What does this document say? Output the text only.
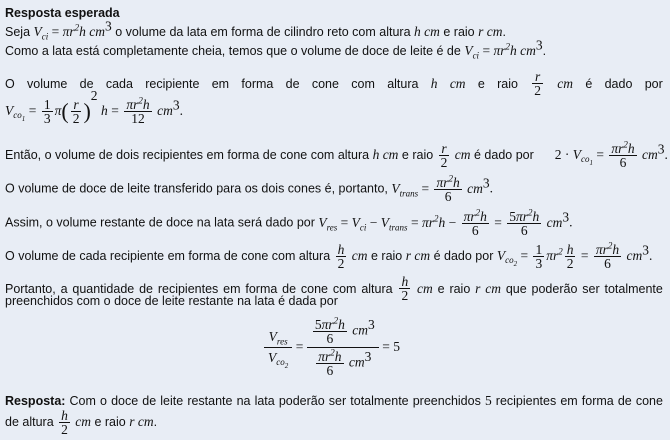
Resposta esperada
Seja $V_{ci} = \pi r^2h$ $cm^3$ o volume da lata em forma de cilindro reto com altura h cm e raio r cm.
Como a lata está completamente cheia, temos que o volume de doce de leite é de $V_{ci} = \pi r^2h$ $cm^3$.
O volume de cada recipiente em forma de cone com altura h cm e raio $\frac{r}{2}$ cm é dado por
$V_{co_1} = \frac{1}{3} \pi( \frac{r}{2} )^2$ $h = \frac{\pi r^2h}{12} cm^3$.
Então, o volume de dois recipientes em forma de cone com altura h cm e raio $\frac{r}{2}$ cm é dado por $2 \cdot V_{co_1} = \frac{\pi r^2h}{6} cm^3$.
O volume de doce de leite transferido para os dois cones é, portanto, $V_{trans} = \frac{\pi r^2h}{6} cm^3$.
Assim, o volume restante de doce na lata será dado por $V_{res} = V_{ci} - V_{trans} = \pi r^2h - \frac{\pi r^2h}{6} = \frac{5\pi r^2h}{6} cm^3$.
O volume de cada recipiente em forma de cone com altura $\frac{h}{2}$ cm e raio r cm é dado por $V_{co_2} = \frac{1}{3} \pi r^2 \frac{h}{2} = \frac{\pi r^2h}{6} cm^3$.
Portanto, a quantidade de recipientes em forma de cone com altura $\frac{h}{2}$ cm e raio r cm que poderão ser totalmente
preenchidos com o doce de leite restante na lata é dada por
$\frac{V_{res}}{V_{co_2}} = \frac{\frac{5\pi r^2h}{6} cm^3}{\frac{\pi r^2h}{6} cm^3} = 5$
Resposta: Com o doce de leite restante na lata poderão ser totalmente preenchidos 5 recipientes em forma de cone
de altura $\frac{h}{2}$ cm e raio r cm.
